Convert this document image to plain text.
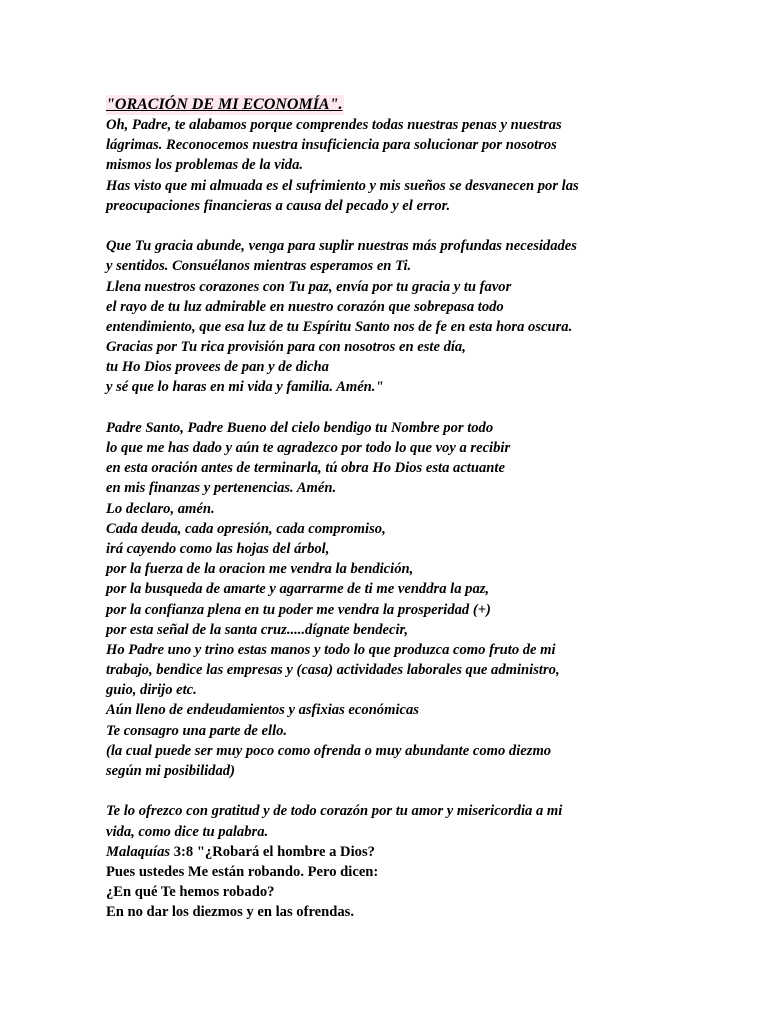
"ORACIÓN DE MI ECONOMÍA".
Oh, Padre, te alabamos porque comprendes todas nuestras penas y nuestras
lágrimas. Reconocemos nuestra insuficiencia para solucionar por nosotros
mismos los problemas de la vida.
Has visto que mi almuada es el sufrimiento y mis sueños se desvanecen por las
preocupaciones financieras a causa del pecado y el error.
Que Tu gracia abunde, venga para suplir nuestras más profundas necesidades
y sentidos. Consuélanos mientras esperamos en Ti.
Llena nuestros corazones con Tu paz, envía por tu gracia y tu favor
el rayo de tu luz admirable en nuestro corazón que sobrepasa todo
entendimiento, que esa luz de tu Espíritu Santo nos de fe en esta hora oscura.
Gracias por Tu rica provisión para con nosotros en este día,
tu Ho Dios provees de pan y de dicha
y sé que lo haras en mi vida y familia. Amén."
Padre Santo, Padre Bueno del cielo bendigo tu Nombre por todo
lo que me has dado y aún te agradezco por todo lo que voy a recibir
en esta oración antes de terminarla, tú obra Ho Dios esta actuante
en mis finanzas y pertenencias. Amén.
Lo declaro, amén.
Cada deuda, cada opresión, cada compromiso,
irá cayendo como las hojas del árbol,
por la fuerza de la oracion me vendra la bendición,
por la busqueda de amarte y agarrarme de ti me venddra la paz,
por la confianza plena en tu poder me vendra la prosperidad (+)
por esta señal de la santa cruz.....dígnate bendecir,
Ho Padre uno y trino estas manos y todo lo que produzca como fruto de mi
trabajo, bendice las empresas y (casa) actividades laborales que administro,
guio, dirijo etc.
Aún lleno de endeudamientos y asfixias económicas
Te consagro una parte de ello.
(la cual puede ser muy poco como ofrenda o muy abundante como diezmo
según mi posibilidad)
Te lo ofrezco con gratitud y de todo corazón por tu amor y misericordia a mi
vida, como dice tu palabra.
Malaquías 3:8 "¿Robará el hombre a Dios?
Pues ustedes Me están robando. Pero dicen:
¿En qué Te hemos robado?
En no dar los diezmos y en las ofrendas.
